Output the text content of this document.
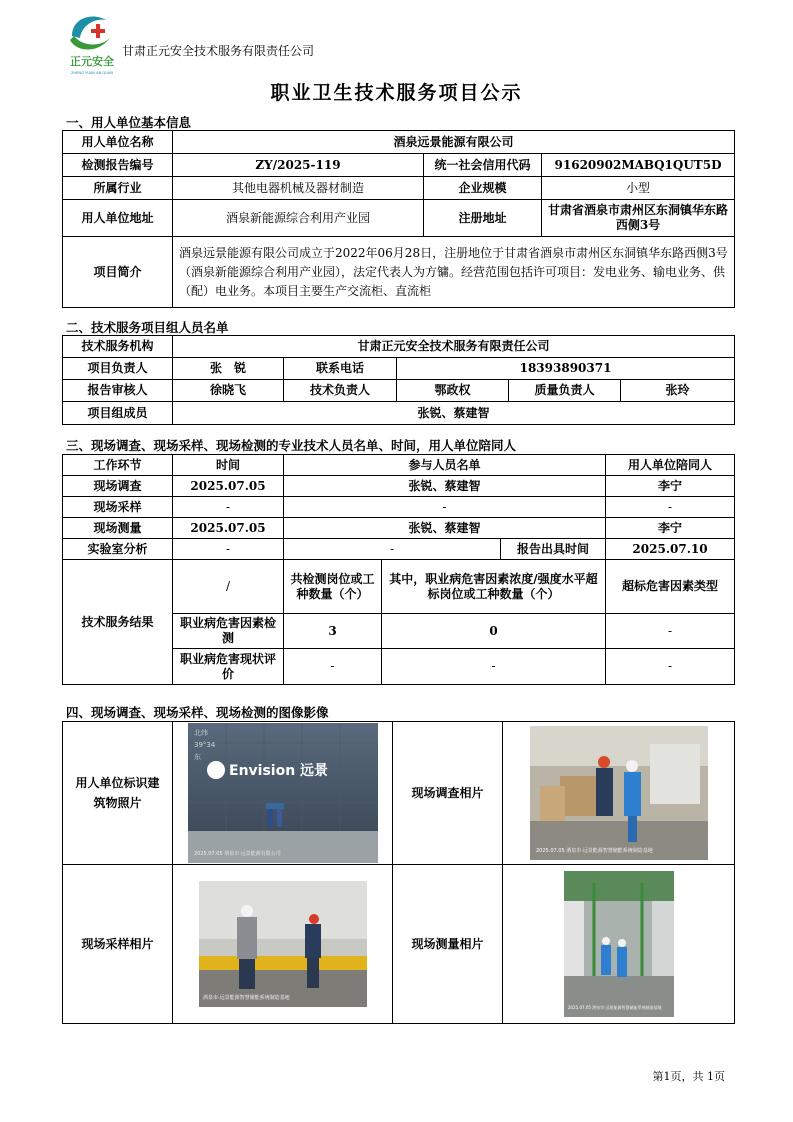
正元安全
ZHENG YUAN AN QUAN
甘肃正元安全技术服务有限责任公司
职业卫生技术服务项目公示
一、用人单位基本信息
用人单位名称	酒泉远景能源有限公司		
检测报告编号	ZY/2025-119	统一社会信用代码	91620902MABQ1QUT5D
所属行业	其他电器机械及器材制造	企业规模	小型
用人单位地址	酒泉新能源综合利用产业园	注册地址	甘肃省酒泉市肃州区东洞镇华东路西侧3号
项目简介	酒泉远景能源有限公司成立于2022年06月28日，注册地位于甘肃省酒泉市肃州区东洞镇华东路西侧3号（酒泉新能源综合利用产业园），法定代表人为方镛。经营范围包括许可项目：发电业务、输电业务、供（配）电业务。本项目主要生产交流柜、直流柜		
二、技术服务项目组人员名单
技术服务机构	甘肃正元安全技术服务有限责任公司				
项目负责人	张　锐	联系电话	18393890371		
报告审核人	徐晓飞	技术负责人	鄂政权	质量负责人	张玲
项目组成员	张锐、蔡建智				
三、现场调查、现场采样、现场检测的专业技术人员名单、时间，用人单位陪同人
工作环节	时间	参与人员名单			用人单位陪同人
现场调查	2025.07.05	张锐、蔡建智			李宁
现场采样	-	-			-
现场测量	2025.07.05	张锐、蔡建智			李宁
实验室分析	-	-		报告出具时间	2025.07.10
技术服务结果	/	共检测岗位或工种数量（个）	其中，职业病危害因素浓度/强度水平超标岗位或工种数量（个）		超标危害因素类型
	职业病危害因素检测	3	0		-
	职业病危害现状评价	-	-		-
四、现场调查、现场采样、现场检测的图像影像
用人单位标识建筑物照片	Envision 远景
北纬
39°34
东
2025.07.05 酒泉市·远景能源有限公司	现场调查相片	2025.07.05 酒泉市·远景能源智慧储能系统制造基地

现场采样相片	酒泉市·远景能源智慧储能系统制造基地	现场测量相片	2025.07.05 酒泉市·远景能源智慧储能系统制造基地
第1页，共 1页
